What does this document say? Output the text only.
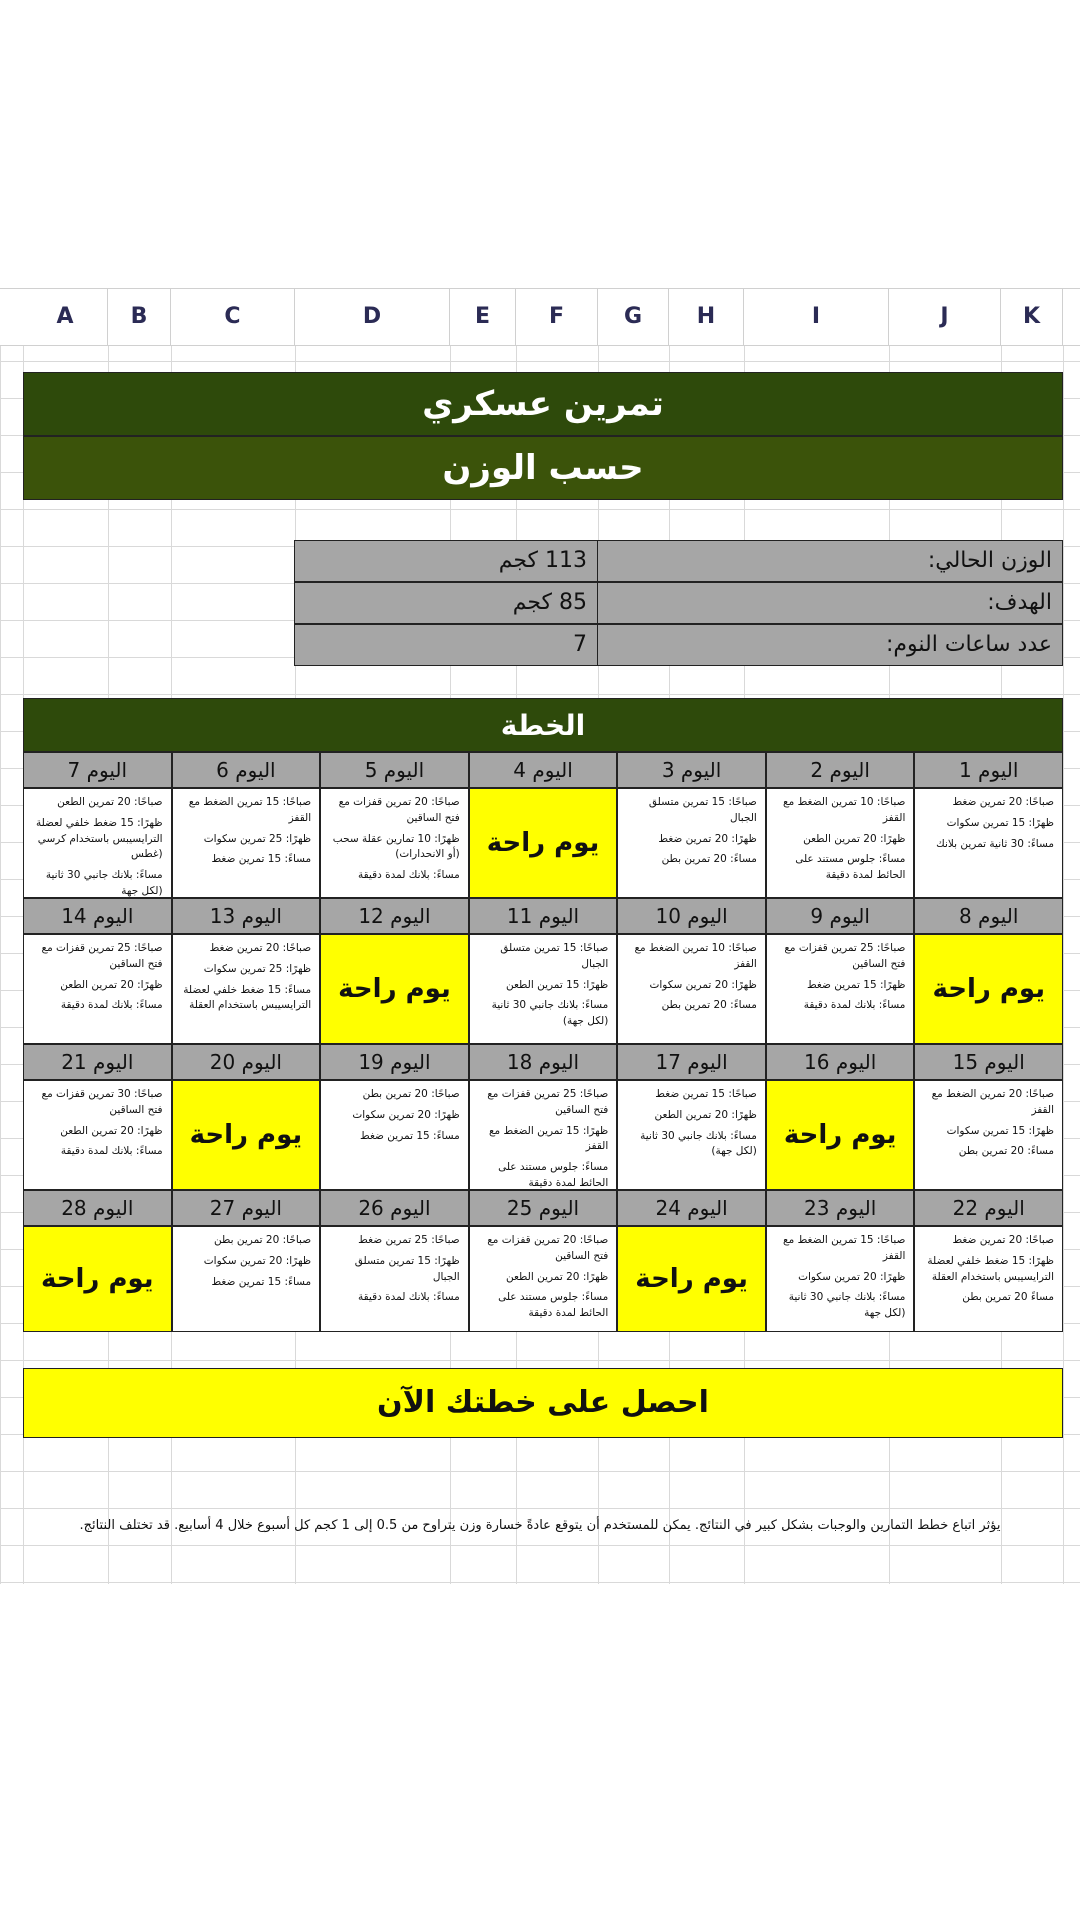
A	B	C	D	E	F	G	H	I	J	K
تمرين عسكري
حسب الوزن
الوزن الحالي:
113 كجم
الهدف:
85 كجم
عدد ساعات النوم:
7
الخطة
اليوم 1
صباحًا: 20 تمرين ضغط
ظهرًا: 15 تمرين سكوات
مساءً: 30 ثانية تمرين بلانك
اليوم 2
صباحًا: 10 تمرين الضغط مع القفز
ظهرًا: 20 تمرين الطعن
مساءً: جلوس مستند على الحائط لمدة دقيقة
اليوم 3
صباحًا: 15 تمرين متسلق الجبال
ظهرًا: 20 تمرين ضغط
مساءً: 20 تمرين بطن
اليوم 4
يوم راحة
اليوم 5
صباحًا: 20 تمرين قفزات مع فتح الساقين
ظهرًا: 10 تمارين عقلة سحب (أو الانحدارات)
مساءً: بلانك لمدة دقيقة
اليوم 6
صباحًا: 15 تمرين الضغط مع القفز
ظهرًا: 25 تمرين سكوات
مساءً: 15 تمرين ضغط
اليوم 7
صباحًا: 20 تمرين الطعن
ظهرًا: 15 ضغط خلفي لعضلة الترايسيبس باستخدام كرسي (غطس
مساءً: بلانك جانبي 30 ثانية (لكل جهة
اليوم 8
يوم راحة
اليوم 9
صباحًا: 25 تمرين قفزات مع فتح الساقين
ظهرًا: 15 تمرين ضغط
مساءً: بلانك لمدة دقيقة
اليوم 10
صباحًا: 10 تمرين الضغط مع القفز
ظهرًا: 20 تمرين سكوات
مساءً: 20 تمرين بطن
اليوم 11
صباحًا: 15 تمرين متسلق الجبال
ظهرًا: 15 تمرين الطعن
مساءً: بلانك جانبي 30 ثانية (لكل جهة)
اليوم 12
يوم راحة
اليوم 13
صباحًا: 20 تمرين ضغط
ظهرًا: 25 تمرين سكوات
مساءً: 15 ضغط خلفي لعضلة الترايسيبس باستخدام العقلة
اليوم 14
صباحًا: 25 تمرين قفزات مع فتح الساقين
ظهرًا: 20 تمرين الطعن
مساءً: بلانك لمدة دقيقة
اليوم 15
صباحًا: 20 تمرين الضغط مع القفز
ظهرًا: 15 تمرين سكوات
مساءً: 20 تمرين بطن
اليوم 16
يوم راحة
اليوم 17
صباحًا: 15 تمرين ضغط
ظهرًا: 20 تمرين الطعن
مساءً: بلانك جانبي 30 ثانية (لكل جهة)
اليوم 18
صباحًا: 25 تمرين قفزات مع فتح الساقين
ظهرًا: 15 تمرين الضغط مع القفز
مساءً: جلوس مستند على الحائط لمدة دقيقة
اليوم 19
صباحًا: 20 تمرين بطن
ظهرًا: 20 تمرين سكوات
مساءً: 15 تمرين ضغط
اليوم 20
يوم راحة
اليوم 21
صباحًا: 30 تمرين قفزات مع فتح الساقين
ظهرًا: 20 تمرين الطعن
مساءً: بلانك لمدة دقيقة
اليوم 22
صباحًا: 20 تمرين ضغط
ظهرًا: 15 ضغط خلفي لعضلة الترايسيبس باستخدام العقلة
مساءً 20 تمرين بطن
اليوم 23
صباحًا: 15 تمرين الضغط مع القفز
ظهرًا: 20 تمرين سكوات
مساءً: بلانك جانبي 30 ثانية (لكل جهة
اليوم 24
يوم راحة
اليوم 25
صباحًا: 20 تمرين قفزات مع فتح الساقين
ظهرًا: 20 تمرين الطعن
مساءً: جلوس مستند على الحائط لمدة دقيقة
اليوم 26
صباحًا: 25 تمرين ضغط
ظهرًا: 15 تمرين متسلق الجبال
مساءً: بلانك لمدة دقيقة
اليوم 27
صباحًا: 20 تمرين بطن
ظهرًا: 20 تمرين سكوات
مساءً: 15 تمرين ضغط
اليوم 28
يوم راحة
احصل على خطتك الآن
يؤثر اتباع خطط التمارين والوجبات بشكل كبير في النتائج. يمكن للمستخدم أن يتوقع عادةً خسارة وزن يتراوح من 0.5 إلى 1 كجم كل أسبوع خلال 4 أسابيع. قد تختلف النتائج.
